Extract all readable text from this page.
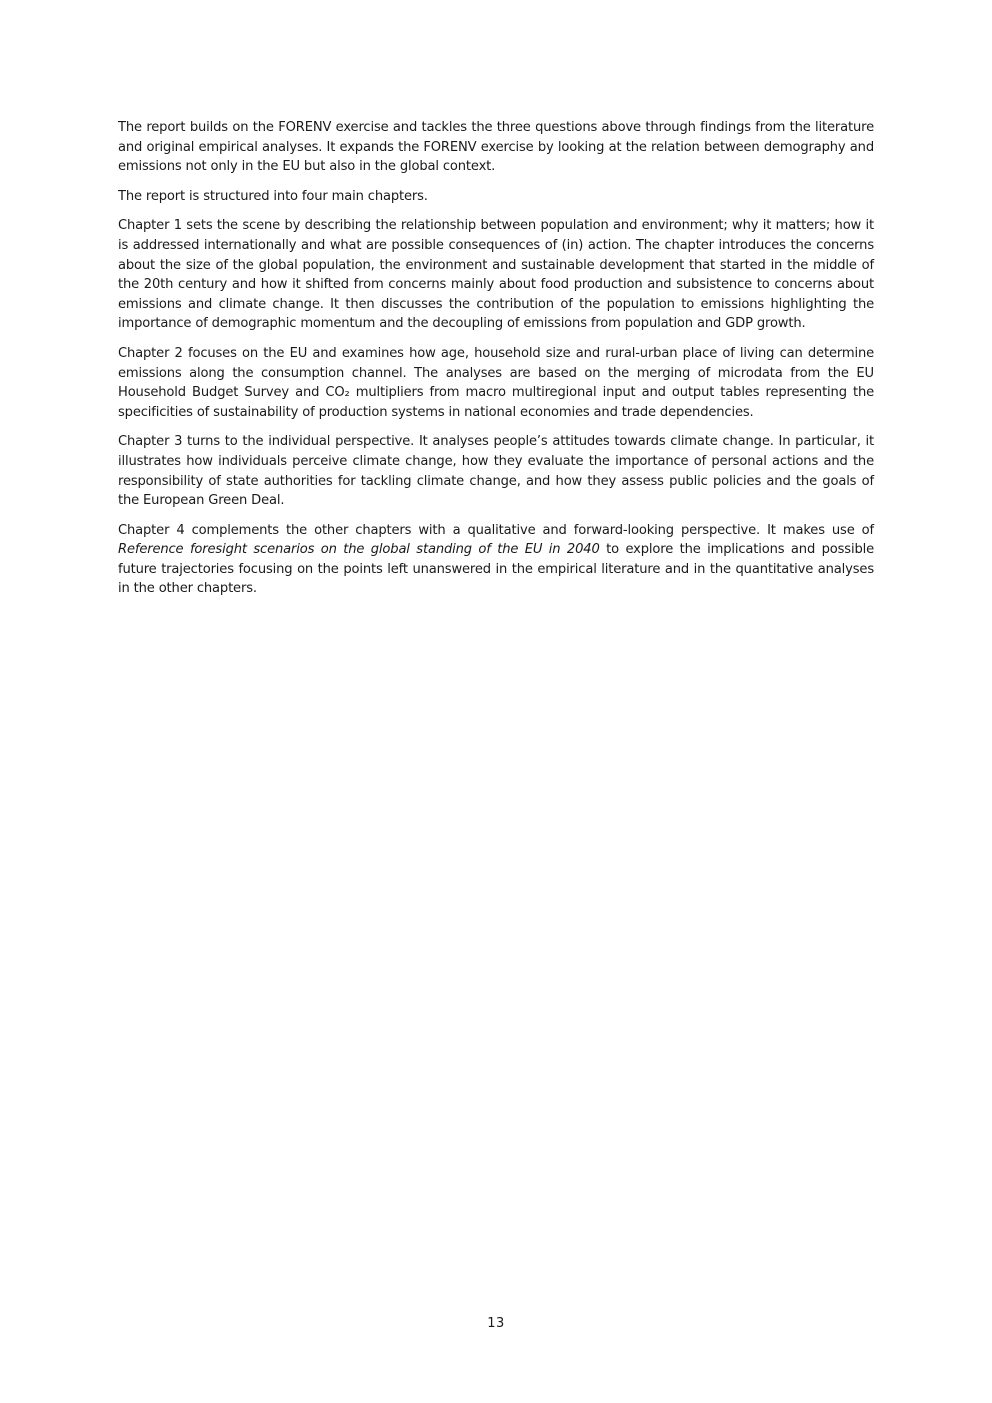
The report builds on the FORENV exercise and tackles the three questions above through findings from the literature and original empirical analyses. It expands the FORENV exercise by looking at the relation between demography and emissions not only in the EU but also in the global context.

The report is structured into four main chapters.

Chapter 1 sets the scene by describing the relationship between population and environment; why it matters; how it is addressed internationally and what are possible consequences of (in) action. The chapter introduces the concerns about the size of the global population, the environment and sustainable development that started in the middle of the 20th century and how it shifted from concerns mainly about food production and subsistence to concerns about emissions and climate change. It then discusses the contribution of the population to emissions highlighting the importance of demographic momentum and the decoupling of emissions from population and GDP growth.

Chapter 2 focuses on the EU and examines how age, household size and rural-urban place of living can determine emissions along the consumption channel. The analyses are based on the merging of microdata from the EU Household Budget Survey and CO₂ multipliers from macro multiregional input and output tables representing the specificities of sustainability of production systems in national economies and trade dependencies.

Chapter 3 turns to the individual perspective. It analyses people’s attitudes towards climate change. In particular, it illustrates how individuals perceive climate change, how they evaluate the importance of personal actions and the responsibility of state authorities for tackling climate change, and how they assess public policies and the goals of the European Green Deal.

Chapter 4 complements the other chapters with a qualitative and forward-looking perspective. It makes use of Reference foresight scenarios on the global standing of the EU in 2040 to explore the implications and possible future trajectories focusing on the points left unanswered in the empirical literature and in the quantitative analyses in the other chapters.

13
